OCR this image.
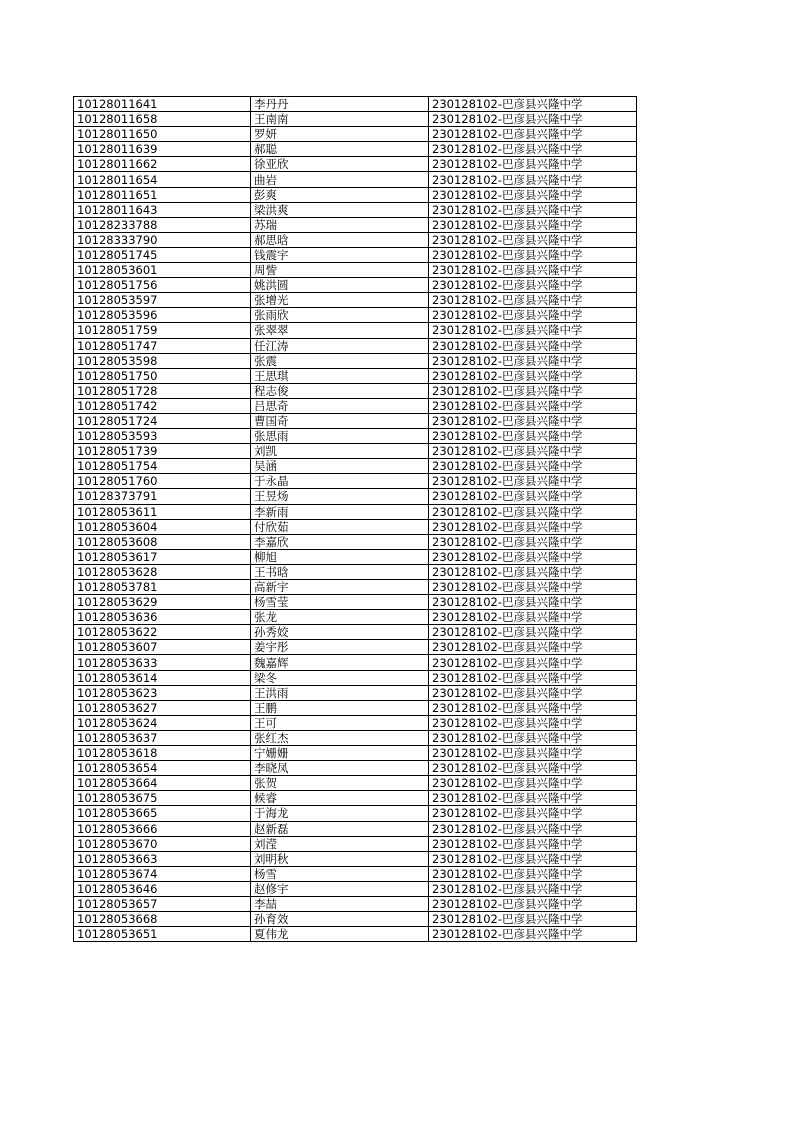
10128011641	李丹丹	230128102-巴彦县兴隆中学
10128011658	王南南	230128102-巴彦县兴隆中学
10128011650	罗妍	230128102-巴彦县兴隆中学
10128011639	郝聪	230128102-巴彦县兴隆中学
10128011662	徐亚欣	230128102-巴彦县兴隆中学
10128011654	曲岩	230128102-巴彦县兴隆中学
10128011651	彭爽	230128102-巴彦县兴隆中学
10128011643	梁洪爽	230128102-巴彦县兴隆中学
10128233788	苏瑞	230128102-巴彦县兴隆中学
10128333790	郝思晗	230128102-巴彦县兴隆中学
10128051745	钱震宇	230128102-巴彦县兴隆中学
10128053601	周訾	230128102-巴彦县兴隆中学
10128051756	姚洪圆	230128102-巴彦县兴隆中学
10128053597	张增光	230128102-巴彦县兴隆中学
10128053596	张雨欣	230128102-巴彦县兴隆中学
10128051759	张翠翠	230128102-巴彦县兴隆中学
10128051747	任江涛	230128102-巴彦县兴隆中学
10128053598	张震	230128102-巴彦县兴隆中学
10128051750	王思琪	230128102-巴彦县兴隆中学
10128051728	程志俊	230128102-巴彦县兴隆中学
10128051742	吕思奇	230128102-巴彦县兴隆中学
10128051724	曹国奇	230128102-巴彦县兴隆中学
10128053593	张思雨	230128102-巴彦县兴隆中学
10128051739	刘凯	230128102-巴彦县兴隆中学
10128051754	吴涵	230128102-巴彦县兴隆中学
10128051760	于永晶	230128102-巴彦县兴隆中学
10128373791	王昱炀	230128102-巴彦县兴隆中学
10128053611	李新雨	230128102-巴彦县兴隆中学
10128053604	付欣茹	230128102-巴彦县兴隆中学
10128053608	李嘉欣	230128102-巴彦县兴隆中学
10128053617	柳旭	230128102-巴彦县兴隆中学
10128053628	王书晗	230128102-巴彦县兴隆中学
10128053781	高新宇	230128102-巴彦县兴隆中学
10128053629	杨雪莹	230128102-巴彦县兴隆中学
10128053636	张龙	230128102-巴彦县兴隆中学
10128053622	孙秀姣	230128102-巴彦县兴隆中学
10128053607	姜宇彤	230128102-巴彦县兴隆中学
10128053633	魏嘉辉	230128102-巴彦县兴隆中学
10128053614	梁冬	230128102-巴彦县兴隆中学
10128053623	王洪雨	230128102-巴彦县兴隆中学
10128053627	王鹏	230128102-巴彦县兴隆中学
10128053624	王可	230128102-巴彦县兴隆中学
10128053637	张红杰	230128102-巴彦县兴隆中学
10128053618	宁姗姗	230128102-巴彦县兴隆中学
10128053654	李晓凤	230128102-巴彦县兴隆中学
10128053664	张贺	230128102-巴彦县兴隆中学
10128053675	候睿	230128102-巴彦县兴隆中学
10128053665	于海龙	230128102-巴彦县兴隆中学
10128053666	赵新磊	230128102-巴彦县兴隆中学
10128053670	刘滢	230128102-巴彦县兴隆中学
10128053663	刘明秋	230128102-巴彦县兴隆中学
10128053674	杨雪	230128102-巴彦县兴隆中学
10128053646	赵修宇	230128102-巴彦县兴隆中学
10128053657	李喆	230128102-巴彦县兴隆中学
10128053668	孙育效	230128102-巴彦县兴隆中学
10128053651	夏伟龙	230128102-巴彦县兴隆中学
